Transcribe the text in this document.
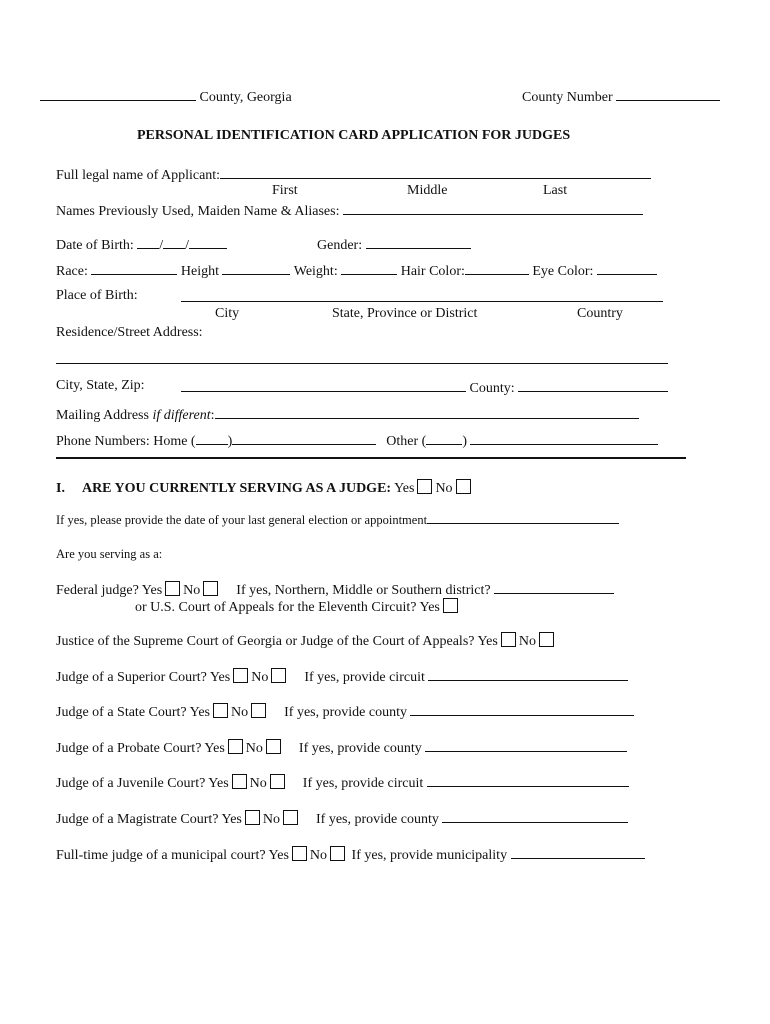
County, Georgia	County Number
PERSONAL IDENTIFICATION CARD APPLICATION FOR JUDGES
Full legal name of Applicant:
First	Middle	Last
Names Previously Used, Maiden Name & Aliases:
Date of Birth: / /	Gender:
Race:	Height	Weight:	Hair Color:	Eye Color:
Place of Birth:
City	State, Province or District	Country
Residence/Street Address:
City, State, Zip:	County:
Mailing Address if different:
Phone Numbers: Home ( )	Other (	)
I. ARE YOU CURRENTLY SERVING AS A JUDGE: Yes No
If yes, please provide the date of your last general election or appointment
Are you serving as a:
Federal judge? Yes No	If yes, Northern, Middle or Southern district?
or U.S. Court of Appeals for the Eleventh Circuit? Yes
Justice of the Supreme Court of Georgia or Judge of the Court of Appeals? Yes No
Judge of a Superior Court? Yes No	If yes, provide circuit
Judge of a State Court? Yes No	If yes, provide county
Judge of a Probate Court? Yes No	If yes, provide county
Judge of a Juvenile Court? Yes No	If yes, provide circuit
Judge of a Magistrate Court? Yes No	If yes, provide county
Full-time judge of a municipal court? Yes No If yes, provide municipality
